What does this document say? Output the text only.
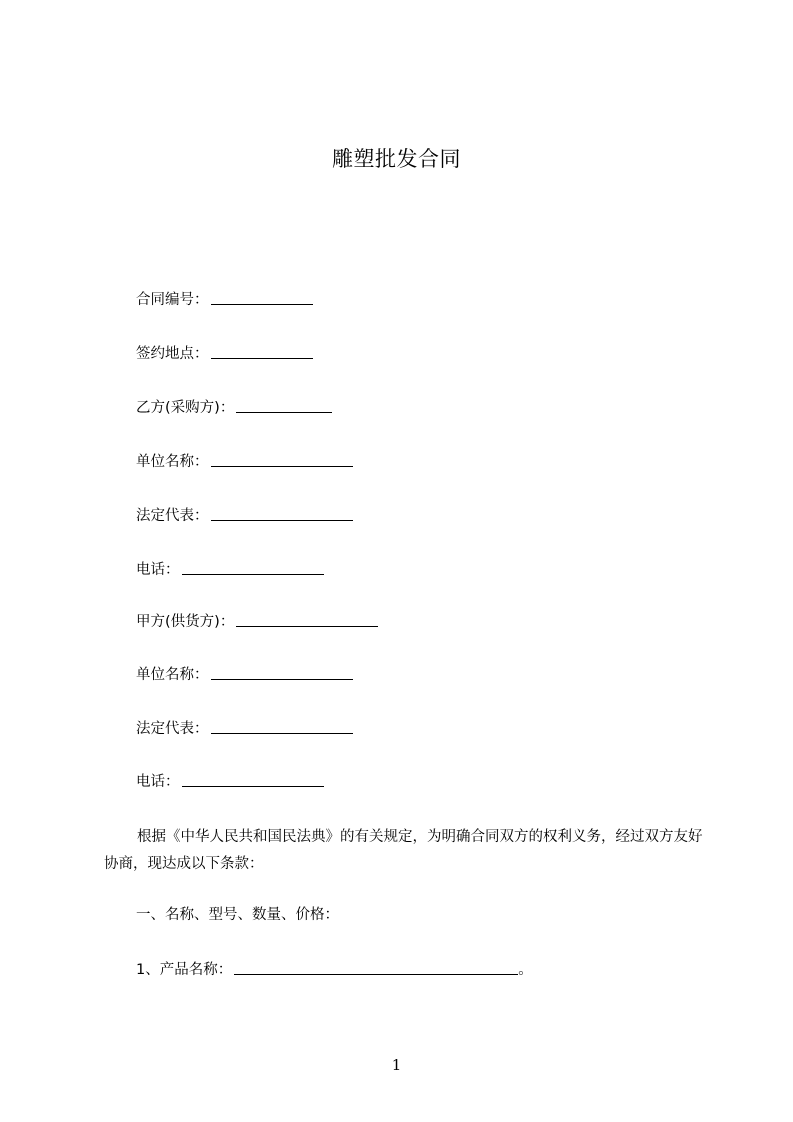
雕塑批发合同
合同编号：
签约地点：
乙方(采购方)：
单位名称：
法定代表：
电话：
甲方(供货方)：
单位名称：
法定代表：
电话：
根据《中华人民共和国民法典》的有关规定，为明确合同双方的权利义务，经过双方友好协商，现达成以下条款：
一、名称、型号、数量、价格：
1、产品名称：	。
1
